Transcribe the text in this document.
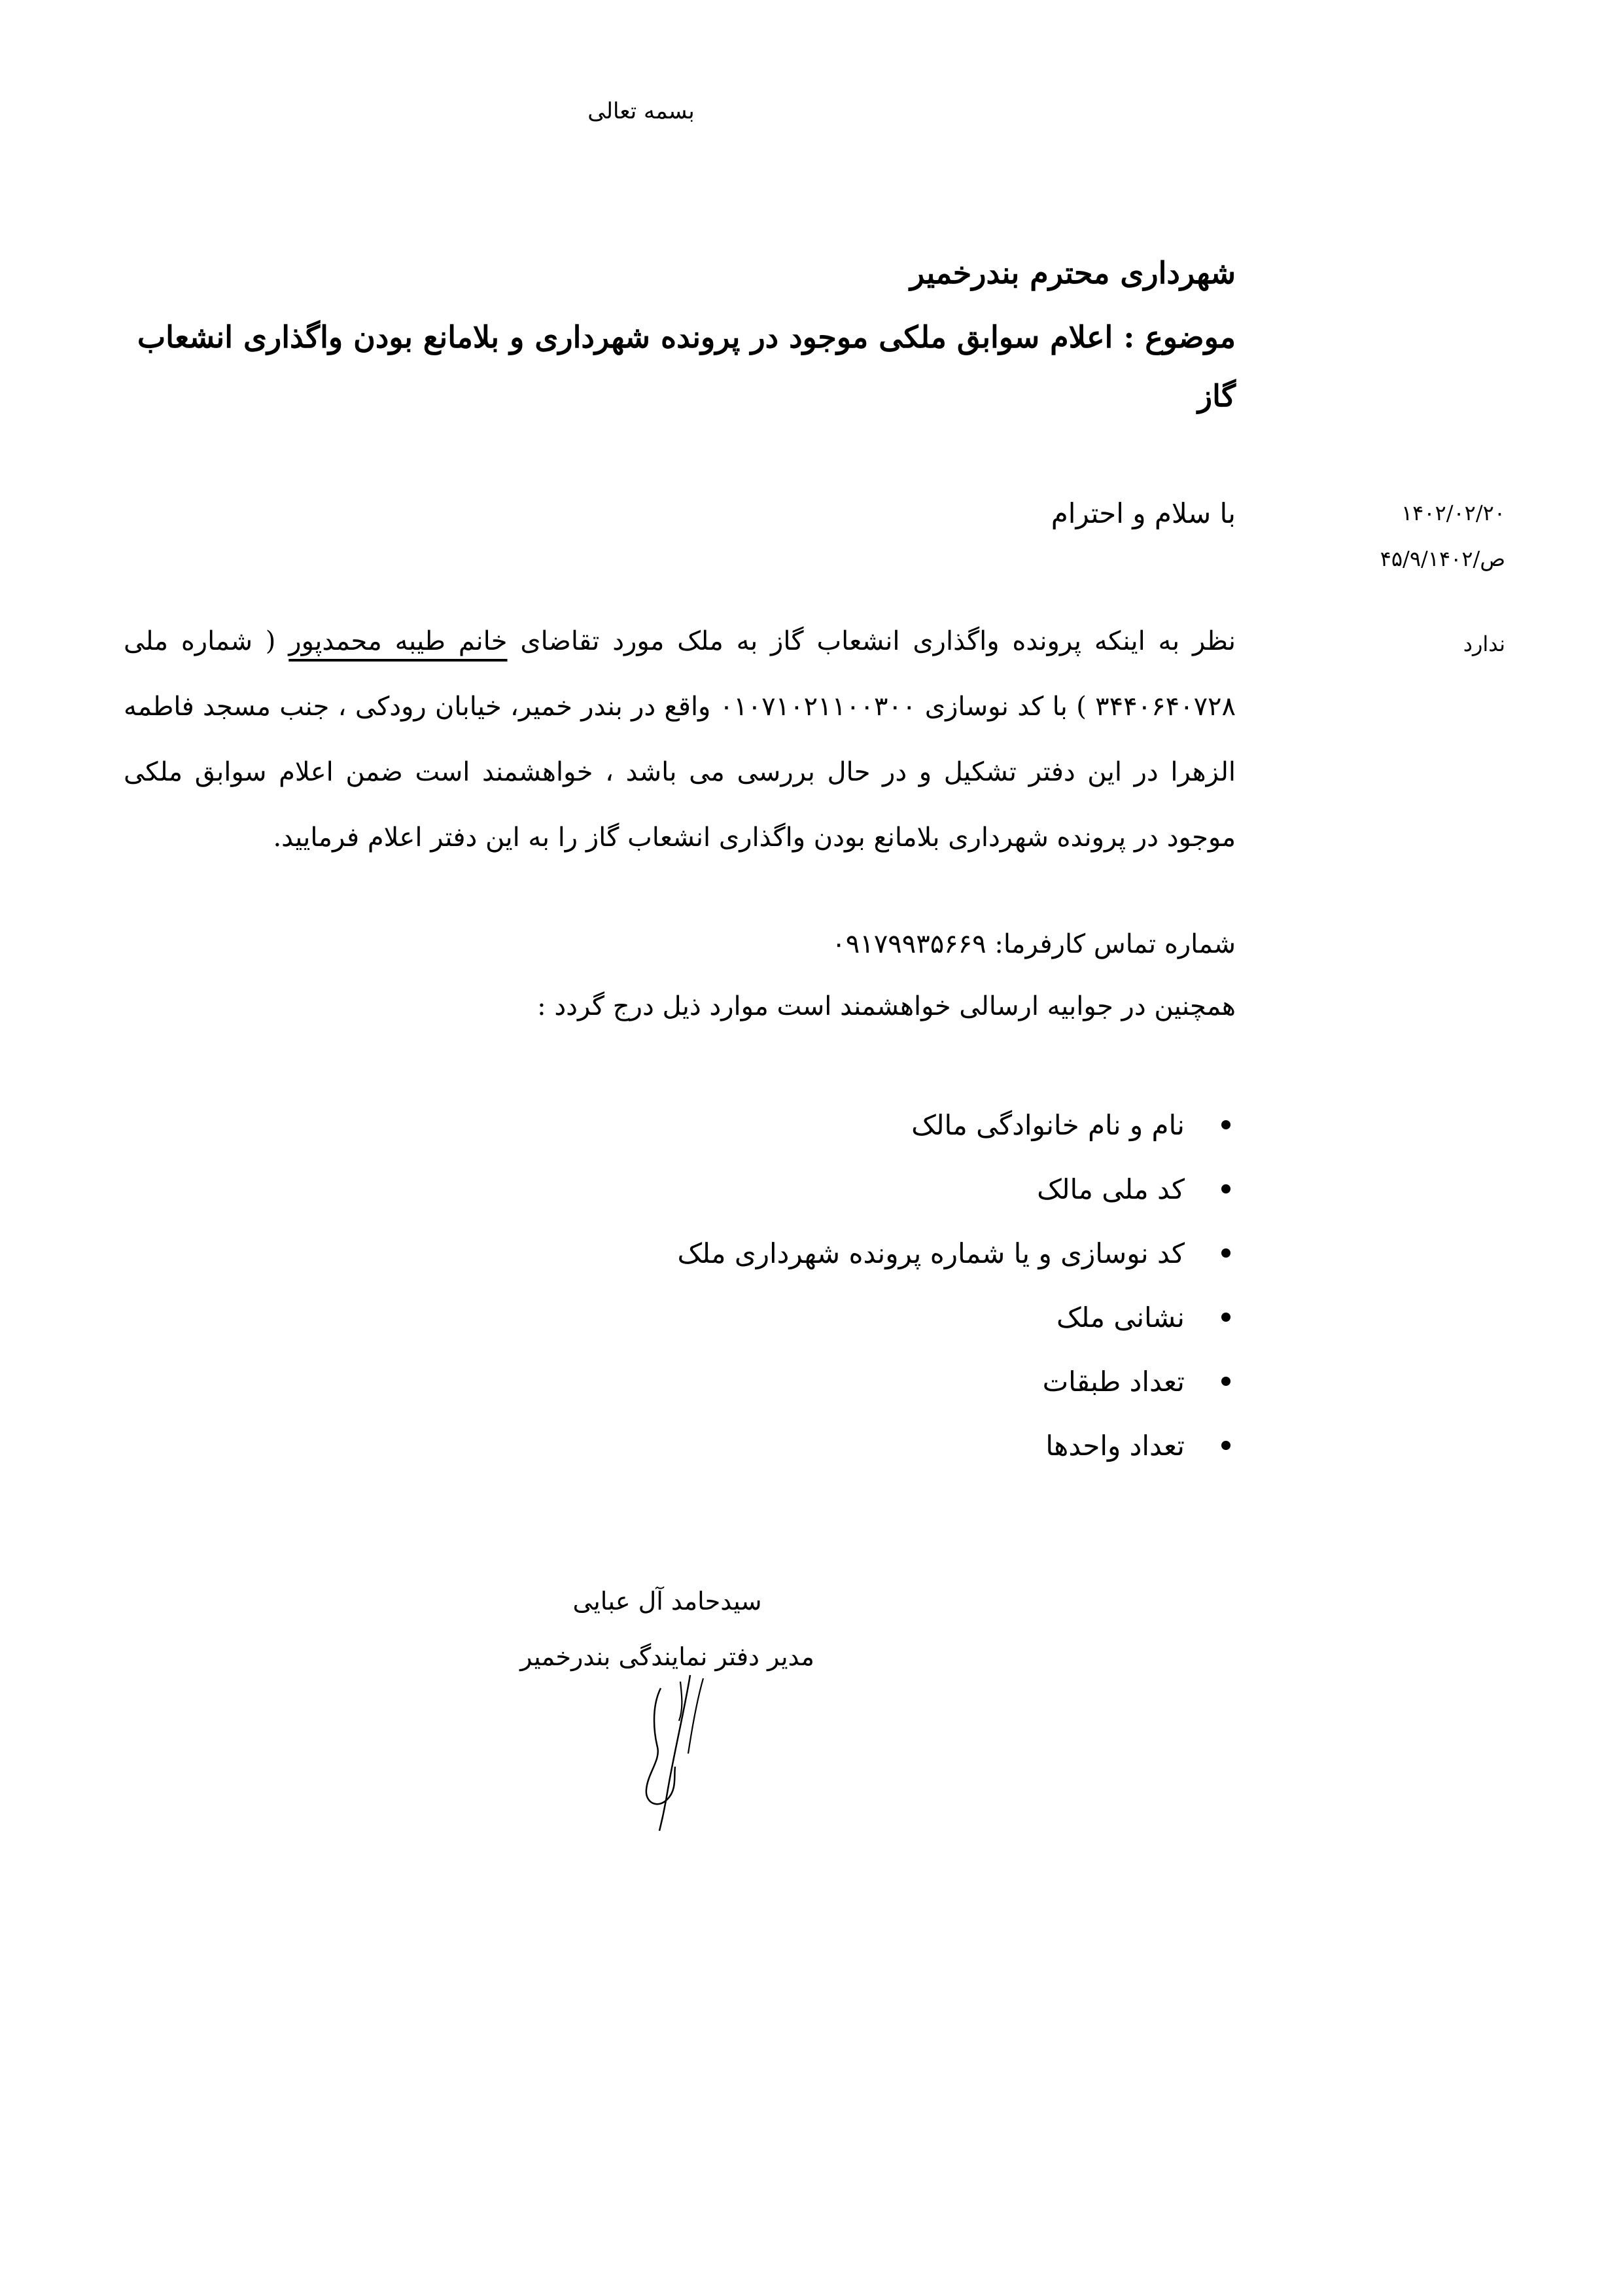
بسمه تعالی
شهرداری محترم بندرخمیر
موضوع : اعلام سوابق ملکی موجود در پرونده شهرداری و بلامانع بودن واگذاری انشعاب گاز
۱۴۰۲/۰۲/۲۰
ص/۴۵/۹/۱۴۰۲
ندارد
با سلام و احترام
نظر به اینکه پرونده واگذاری انشعاب گاز به ملک مورد تقاضای خانم طیبه محمدپور ( شماره ملی ۳۴۴۰۶۴۰۷۲۸ ) با کد نوسازی ۰۱۰۷۱۰۲۱۱۰۰۳۰۰ واقع در بندر خمیر، خیابان رودکی ، جنب مسجد فاطمه الزهرا در این دفتر تشکیل و در حال بررسی می باشد ، خواهشمند است ضمن اعلام سوابق ملکی موجود در پرونده شهرداری بلامانع بودن واگذاری انشعاب گاز را به این دفتر اعلام فرمایید.
شماره تماس کارفرما: ۰۹۱۷۹۹۳۵۶۶۹
همچنین در جوابیه ارسالی خواهشمند است موارد ذیل درج گردد :
نام و نام خانوادگی مالک
کد ملی مالک
کد نوسازی و یا شماره پرونده شهرداری ملک
نشانی ملک
تعداد طبقات
تعداد واحدها
سیدحامد آل عبایی
مدیر دفتر نمایندگی بندرخمیر
